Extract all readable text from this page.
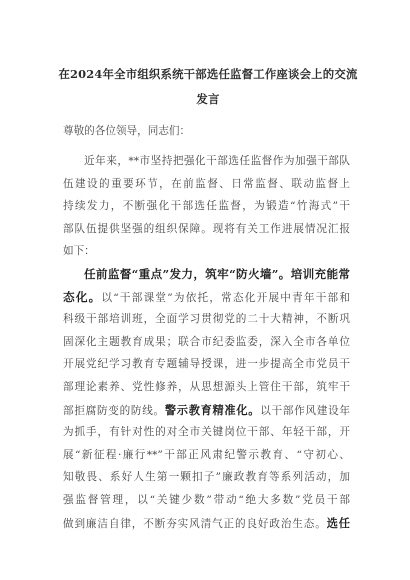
在2024年全市组织系统干部选任监督工作座谈会上的交流
发言
尊敬的各位领导，同志们：
近年来，**市坚持把强化干部选任监督作为加强干部队
伍建设的重要环节，在前监督、日常监督、联动监督上
持续发力，不断强化干部选任监督，为锻造“竹海式”干
部队伍提供坚强的组织保障。现将有关工作进展情况汇报
如下：
任前监督“重点”发力，筑牢“防火墙”。培训充能常
态化。以“干部课堂”为依托，常态化开展中青年干部和
科级干部培训班，全面学习贯彻党的二十大精神，不断巩
固深化主题教育成果；联合市纪委监委，深入全市各单位
开展党纪学习教育专题辅导授课，进一步提高全市党员干
部理论素养、党性修养，从思想源头上管住干部，筑牢干
部拒腐防变的防线。警示教育精准化。以干部作风建设年
为抓手，有针对性的对全市关键岗位干部、年轻干部，开
展“新征程·廉行**”干部正风肃纪警示教育、“守初心、
知敬畏、系好人生第一颗扣子”廉政教育等系列活动，加
强监督管理，以“关键少数”带动“绝大多数”党员干部
做到廉洁自律，不断夯实风清气正的良好政治生态。选任
